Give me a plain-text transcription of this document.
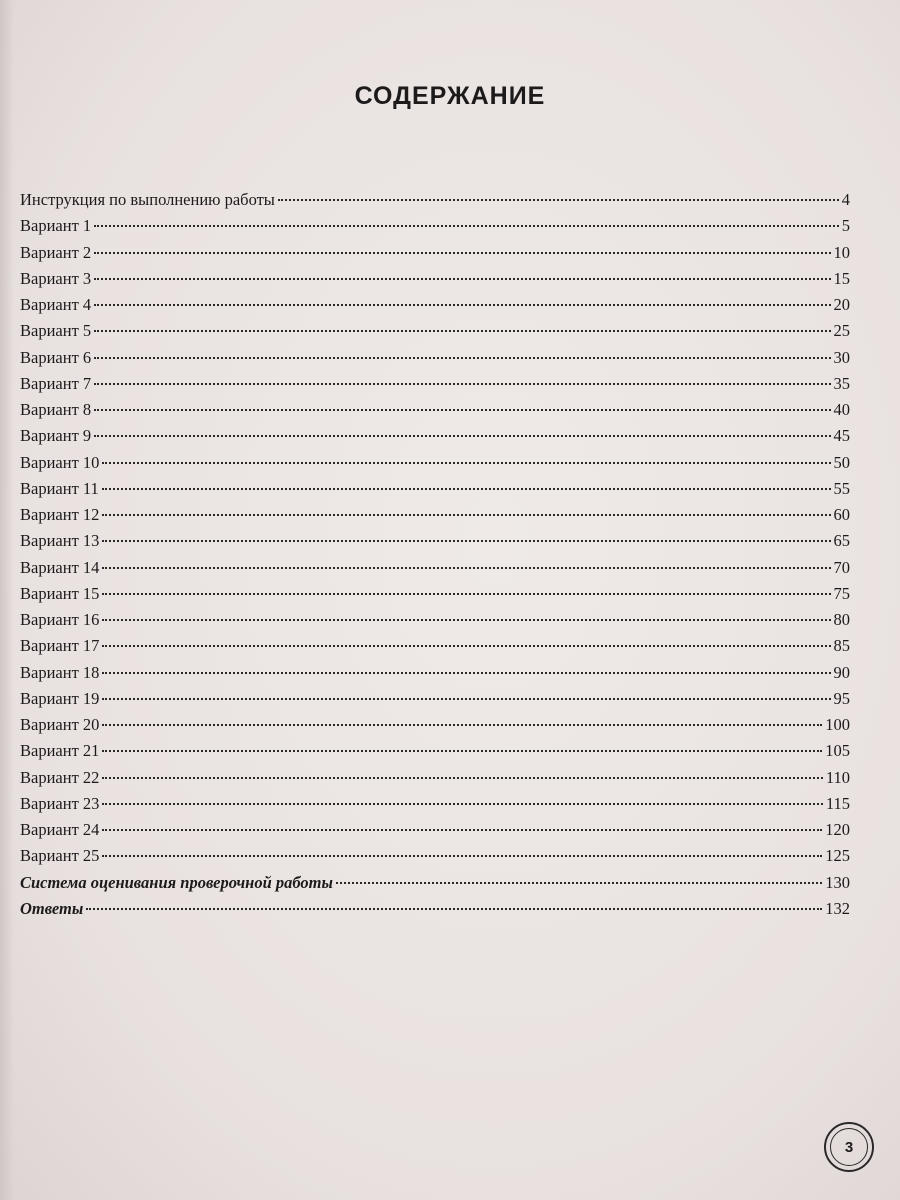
СОДЕРЖАНИЕ
Инструкция по выполнению работы	4
Вариант 1	5
Вариант 2	10
Вариант 3	15
Вариант 4	20
Вариант 5	25
Вариант 6	30
Вариант 7	35
Вариант 8	40
Вариант 9	45
Вариант 10	50
Вариант 11	55
Вариант 12	60
Вариант 13	65
Вариант 14	70
Вариант 15	75
Вариант 16	80
Вариант 17	85
Вариант 18	90
Вариант 19	95
Вариант 20	100
Вариант 21	105
Вариант 22	110
Вариант 23	115
Вариант 24	120
Вариант 25	125
Система оценивания проверочной работы	130
Ответы	132
3
